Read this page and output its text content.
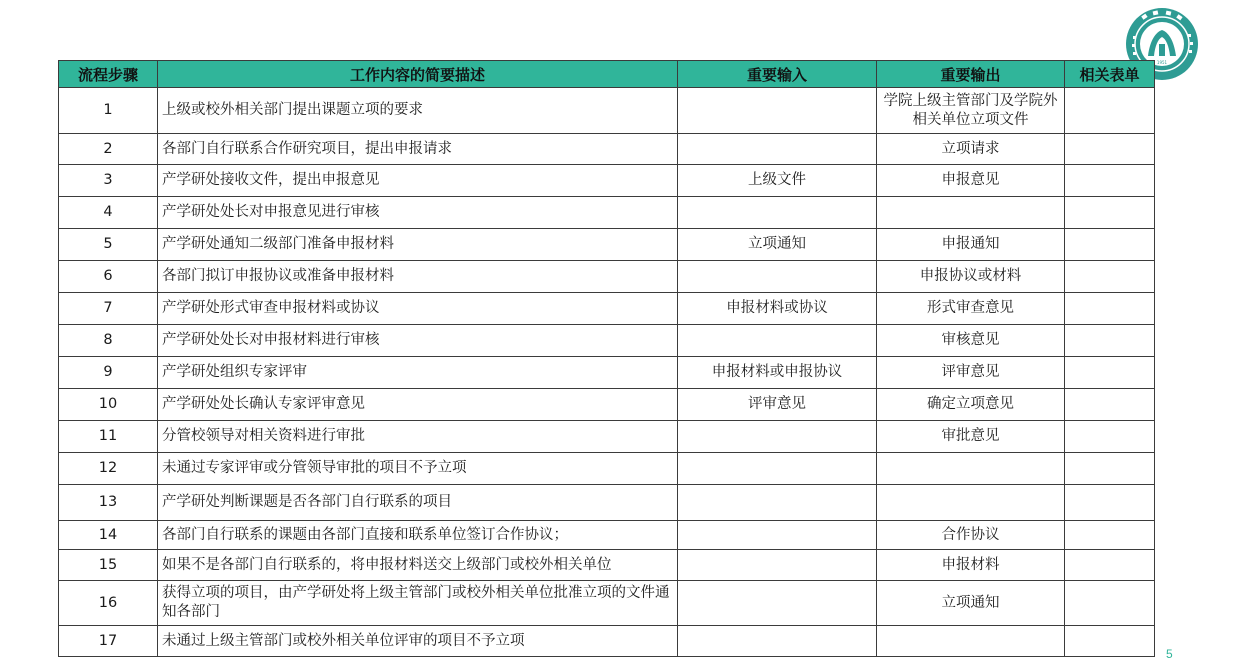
1951
流程步骤	工作内容的简要描述	重要输入	重要输出	相关表单
1	上级或校外相关部门提出课题立项的要求		学院上级主管部门及学院外相关单位立项文件	
2	各部门自行联系合作研究项目，提出申报请求		立项请求	
3	产学研处接收文件，提出申报意见	上级文件	申报意见	
4	产学研处处长对申报意见进行审核			
5	产学研处通知二级部门准备申报材料	立项通知	申报通知	
6	各部门拟订申报协议或准备申报材料		申报协议或材料	
7	产学研处形式审查申报材料或协议	申报材料或协议	形式审查意见	
8	产学研处处长对申报材料进行审核		审核意见	
9	产学研处组织专家评审	申报材料或申报协议	评审意见	
10	产学研处处长确认专家评审意见	评审意见	确定立项意见	
11	分管校领导对相关资料进行审批		审批意见	
12	未通过专家评审或分管领导审批的项目不予立项			
13	产学研处判断课题是否各部门自行联系的项目			
14	各部门自行联系的课题由各部门直接和联系单位签订合作协议；		合作协议	
15	如果不是各部门自行联系的，将申报材料送交上级部门或校外相关单位		申报材料	
16	获得立项的项目，由产学研处将上级主管部门或校外相关单位批准立项的文件通知各部门		立项通知	
17	未通过上级主管部门或校外相关单位评审的项目不予立项			
5
